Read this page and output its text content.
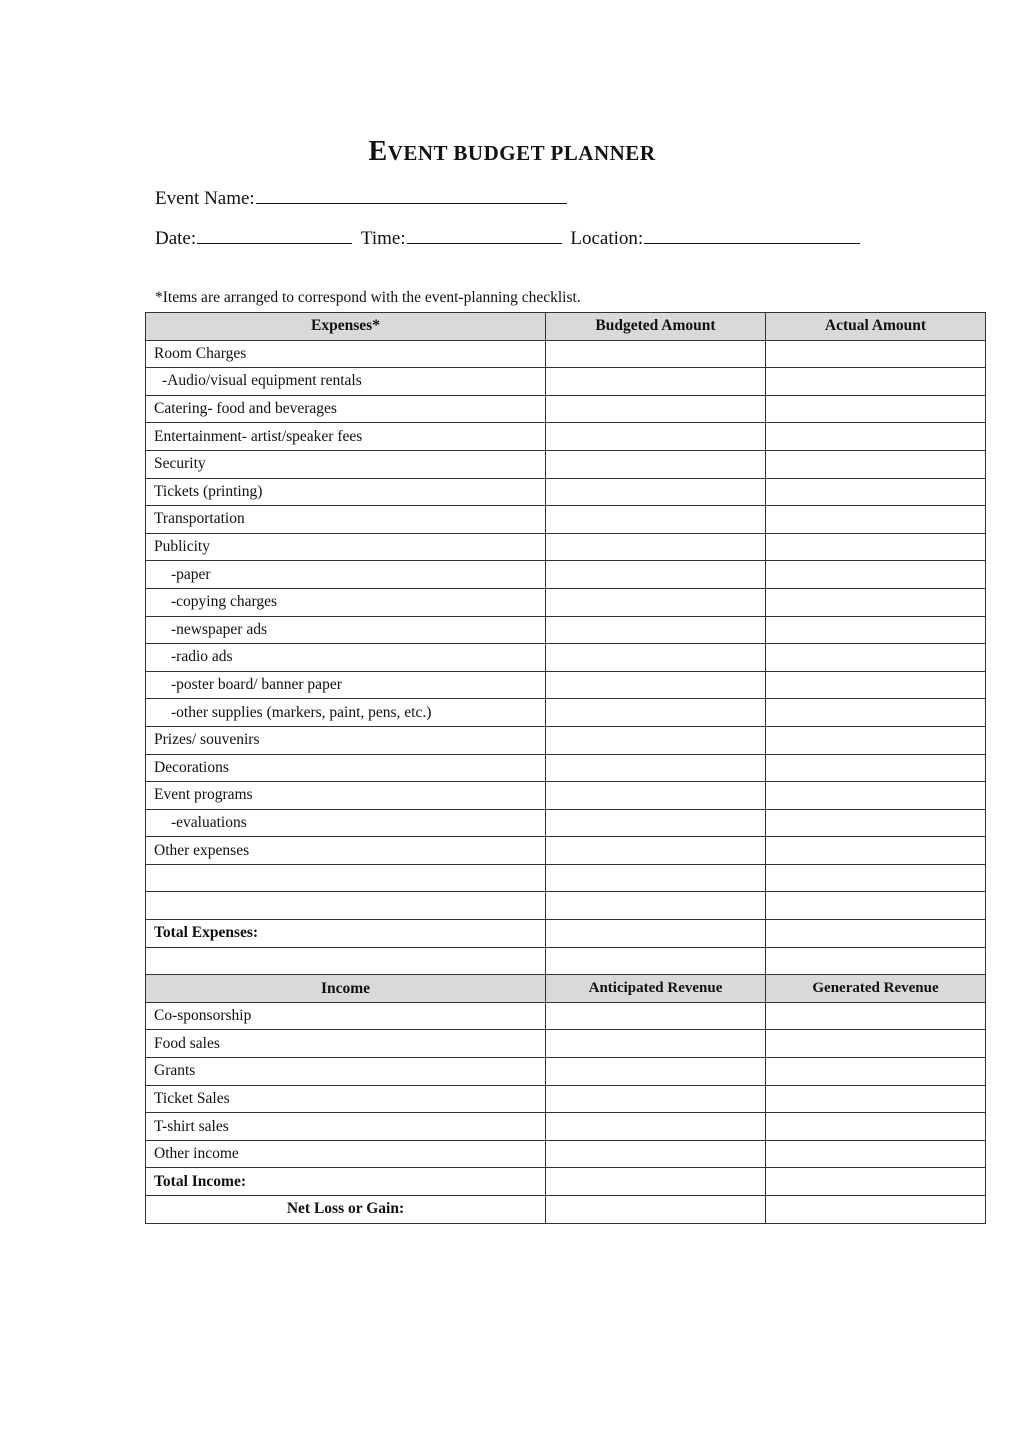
EVENT BUDGET PLANNER
Event Name:
Date:	Time:	Location:
*Items are arranged to correspond with the event-planning checklist.
Expenses*	Budgeted Amount	Actual Amount
Room Charges		
-Audio/visual equipment rentals		
Catering- food and beverages		
Entertainment- artist/speaker fees		
Security		
Tickets (printing)		
Transportation		
Publicity		
-paper		
-copying charges		
-newspaper ads		
-radio ads		
-poster board/ banner paper		
-other supplies (markers, paint, pens, etc.)		
Prizes/ souvenirs		
Decorations		
Event programs		
-evaluations		
Other expenses		

Total Expenses:		

Income	Anticipated Revenue	Generated Revenue
Co-sponsorship		
Food sales		
Grants		
Ticket Sales		
T-shirt sales		
Other income		
Total Income:		
Net Loss or Gain:		
